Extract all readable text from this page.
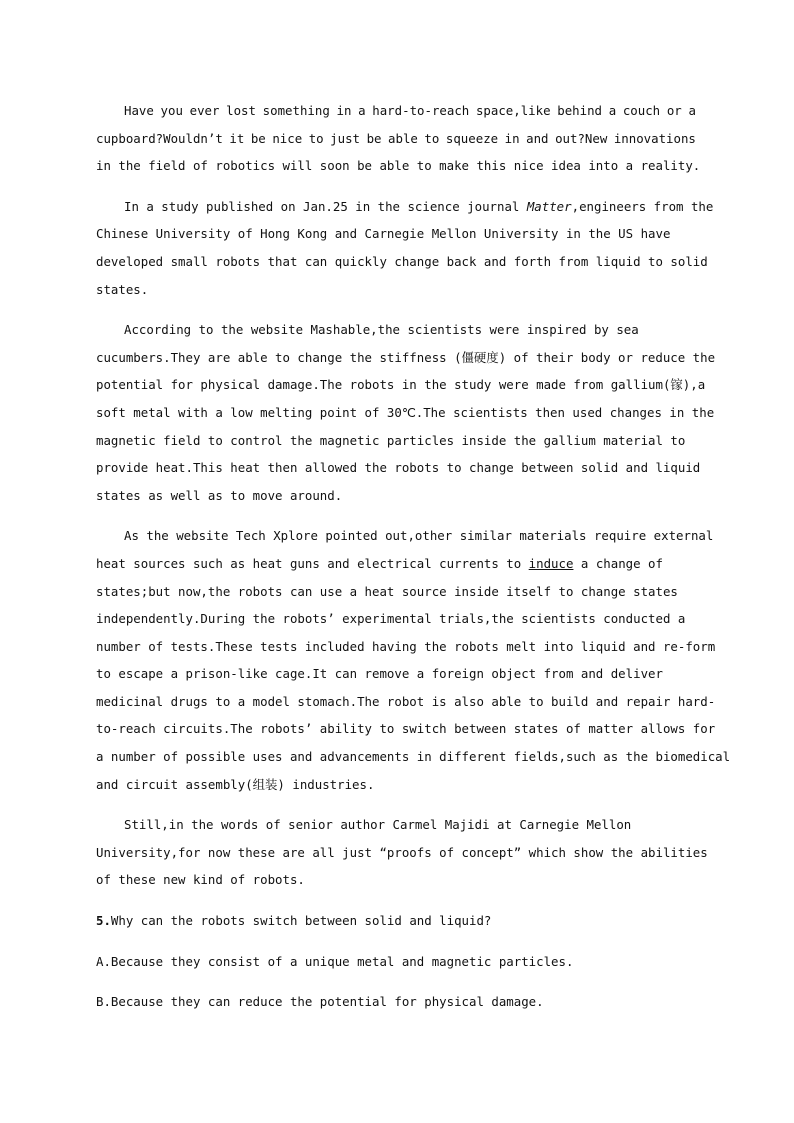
Have you ever lost something in a hard-to-reach space,like behind a couch or a
cupboard?Wouldn’t it be nice to just be able to squeeze in and out?New innovations
in the field of robotics will soon be able to make this nice idea into a reality.
In a study published on Jan.25 in the science journal Matter,engineers from the
Chinese University of Hong Kong and Carnegie Mellon University in the US have
developed small robots that can quickly change back and forth from liquid to solid
states.
According to the website Mashable,the scientists were inspired by sea
cucumbers.They are able to change the stiffness (僵硬度) of their body or reduce the
potential for physical damage.The robots in the study were made from gallium(镓),a
soft metal with a low melting point of 30℃.The scientists then used changes in the
magnetic field to control the magnetic particles inside the gallium material to
provide heat.This heat then allowed the robots to change between solid and liquid
states as well as to move around.
As the website Tech Xplore pointed out,other similar materials require external
heat sources such as heat guns and electrical currents to induce a change of
states;but now,the robots can use a heat source inside itself to change states
independently.During the robots’ experimental trials,the scientists conducted a
number of tests.These tests included having the robots melt into liquid and re-form
to escape a prison-like cage.It can remove a foreign object from and deliver
medicinal drugs to a model stomach.The robot is also able to build and repair hard-
to-reach circuits.The robots’ ability to switch between states of matter allows for
a number of possible uses and advancements in different fields,such as the biomedical
and circuit assembly(组装) industries.
Still,in the words of senior author Carmel Majidi at Carnegie Mellon
University,for now these are all just “proofs of concept” which show the abilities
of these new kind of robots.
5.Why can the robots switch between solid and liquid?
A.Because they consist of a unique metal and magnetic particles.
B.Because they can reduce the potential for physical damage.
